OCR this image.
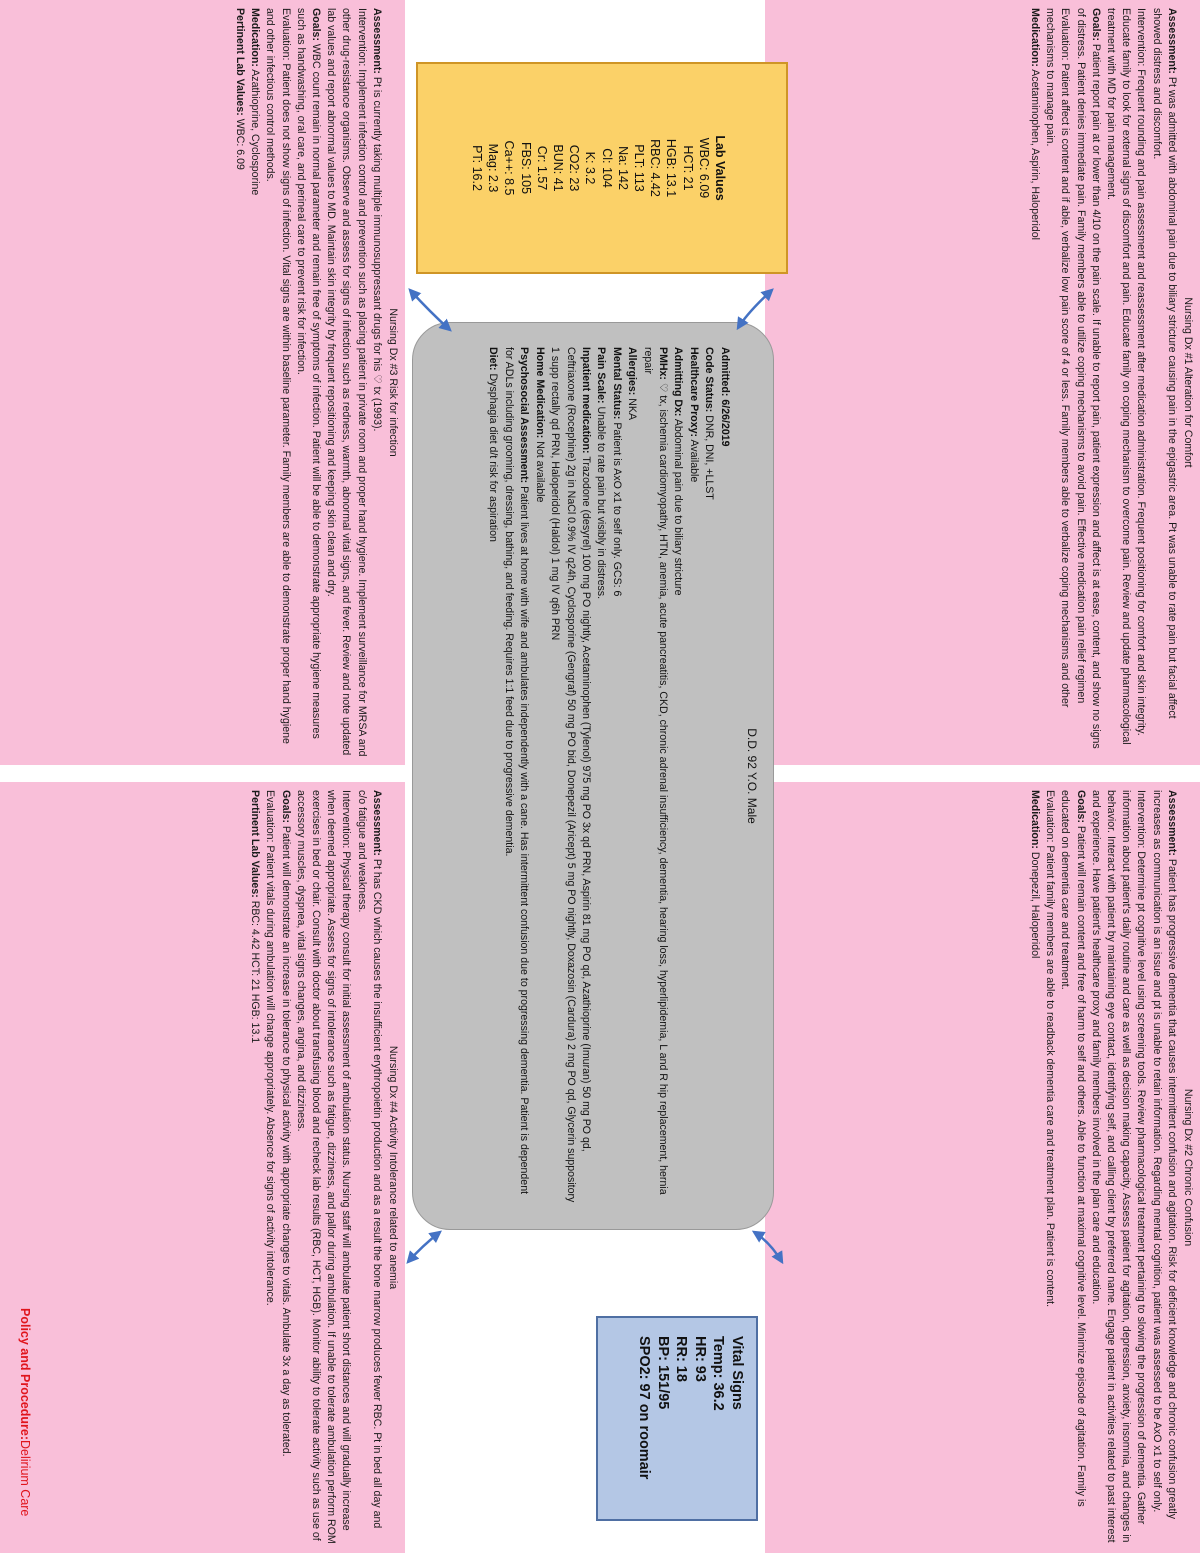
Nursing Dx #1 Alteration for Comfort

Assessment: Pt was admitted with abdominal pain due to biliary stricture causing pain in the epigastric area. Pt was unable to rate pain but facial affect showed distress and discomfort.

Intervention: Frequent rounding and pain assessment and reassessment after medication administration. Frequent positioning for comfort and skin integrity. Educate family to look for external signs of discomfort and pain. Educate family on coping mechanism to overcome pain. Review and update pharmacological treatment with MD for pain management.

Goals: Patient report pain at or lower than 4/10 on the pain scale. If unable to report pain, patient expression and affect is at ease, content, and show no signs of distress. Patient denies immediate pain. Family members able to utilize coping mechanisms to avoid pain. Effective medication pain relief regimen

Evaluation: Patient affect is content and if able, verbalize low pain score of 4 or less. Family members able to verbalize coping mechanisms and other mechanisms to manage pain.

Medication: Acetaminophen, Aspirin, Haloperidol

Nursing Dx #2 Chronic Confusion

Assessment: Patient has progressive dementia that causes intermittent confusion and agitation. Risk for deficient knowledge and chronic confusion greatly increases as communication is an issue and pt is unable to retain information. Regarding mental cognition, patient was assessed to be AxO x1 to self only.

Intervention: Determine pt cognitive level using screening tools. Review pharmacological treatment pertaining to slowing the progression of dementia. Gather information about patient's daily routine and care as well as decision making capacity. Assess patient for agitation, depression, anxiety, insomnia, and changes in behavior. Interact with patient by maintaining eye contact, identifying self, and calling client by preferred name. Engage patient in activities related to past interest and experience. Have patient's healthcare proxy and family members involved in the plan care and education.

Goals: Patient will remain content and free of harm to self and others. Able to function at maximal cognitive level. Minimize episode of agitation. Family is educated on dementia care and treatment.

Evaluation: Patient family members are able to readback dementia care and treatment plan. Patient is content.

Medication: Donepezil, Haloperidol

Nursing Dx #3 Risk for infection

Assessment: Pt is currently taking multiple immunosuppressant drugs for his ♡ tx (1993).

Intervention: Implement infection control and prevention such as placing patient in private room and proper hand hygiene. Implement surveillance for MRSA and other drug-resistance organisms. Observe and assess for signs of infection such as redness, warmth, abnormal vital signs, and fever. Review and note updated lab values and report abnormal values to MD. Maintain skin integrity by frequent repositioning and keeping skin clean and dry.

Goals: WBC count remain in normal parameter and remain free of symptoms of infection. Patient will be able to demonstrate appropriate hygiene measures such as handwashing, oral care, and perineal care to prevent risk for infection.

Evaluation: Patient does not show signs of infection. Vital signs are within baseline parameter. Family members are able to demonstrate proper hand hygiene and other infectious control methods.

Medication: Azathioprine, Cyclosporine

Pertinent Lab Values: WBC: 6.09

Nursing Dx #4 Activity Intolerance related to anemia

Assessment: Pt has CKD which causes the insufficient erythropoietin production and as a result the bone marrow produces fewer RBC. Pt in bed all day and c/o fatigue and weakness.

Intervention: Physical therapy consult for initial assessment of ambulation status. Nursing staff will ambulate patient short distances and will gradually increase when deemed appropriate. Assess for signs of intolerance such as fatigue, dizziness, and pallor during ambulation. If unable to tolerate ambulation perform ROM exercises in bed or chair. Consult with doctor about transfusing blood and recheck lab results (RBC, HCT, HGB). Monitor ability to tolerate activity such as use of accessory muscles, dyspnea, vital signs changes, angina, and dizziness.

Goals: Patient will demonstrate an increase in tolerance to physical activity with appropriate changes to vitals. Ambulate 3x a day as tolerated.

Evaluation: Patient vitals during ambulation will change appropriately. Absence for signs of activity intolerance.

Pertinent Lab Values: RBC: 4.42 HCT: 21 HGB: 13.1

Lab Values
WBC: 6.09
HCT: 21
HGB: 13.1
RBC: 4.42
PLT: 113
Na: 142
Cl: 104
K: 3.2
CO2: 23
BUN: 41
Cr: 1.57
FBS: 105
Ca++: 8.5
Mag: 2.3
PT: 16.2
D.D. 92 Y.O. Male

Admitted: 6/26/2019

Code Status: DNR, DNI, +LLST

Healthcare Proxy: Available

Admitting Dx: Abdominal pain due to biliary stricture

PMHx: ♡ tx, ischemia cardiomyopathy, HTN, anemia, acute pancreatitis, CKD, chronic adrenal insufficiency, dementia, hearing loss, hyperlipidemia, L and R hip replacement, hernia repair

Allergies: NKA

Mental Status: Patient is AxO x1 to self only. GCS: 6

Pain Scale: Unable to rate pain but visibly in distress.

Inpatient medication: Trazodone (desyrel) 100 mg PO nightly, Acetaminophen (Tylenol) 975 mg PO 3x qd PRN, Aspirin 81 mg PO qd, Azathioprine (Imuran) 50 mg PO qd, Ceftriaxone (Rocephine) 2g in NaCl 0.9% IV q24h, Cyclosporine (Gengraf) 50 mg PO bid, Donepezil (Aricept) 5 mg PO nightly, Doxazosin (Cardura) 2 mg PO qd, Glycerin suppository 1 supp rectally qd PRN, Haloperidol (Haldol) 1 mg IV q6h PRN

Home Medication: Not available

Psychosocial Assessment: Patient lives at home with wife and ambulates independently with a cane. Has intermittent confusion due to progressing dementia. Patient is dependent for ADLs including grooming, dressing, bathing, and feeding. Requires 1:1 feed due to progressive dementia.

Diet: Dysphagia diet d/t risk for aspiration

Vital Signs
Temp: 36.2
HR: 93
RR: 18
BP: 151/95
SPO2: 97 on roomair
Policy and Procedure:Delirium Care
